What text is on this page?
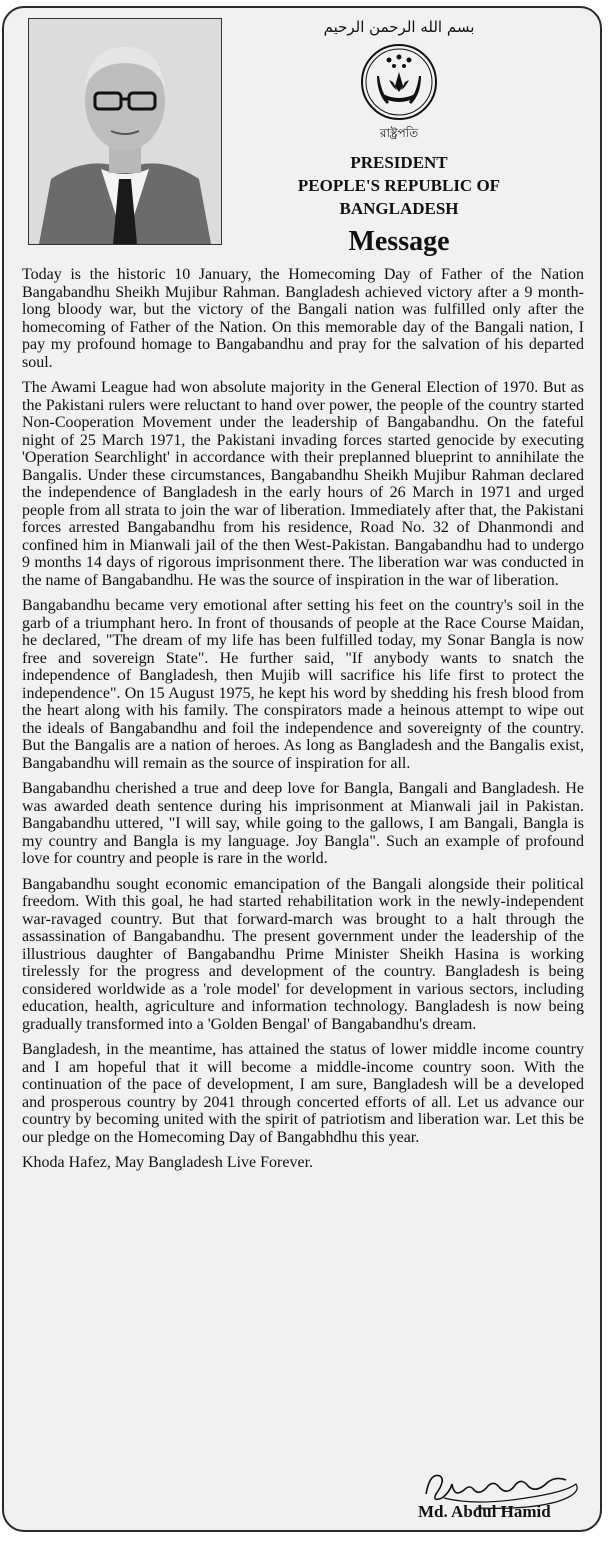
بسم الله الرحمن الرحيم
রাষ্ট্রপতি
PRESIDENT
PEOPLE'S REPUBLIC OF
BANGLADESH
Message

Today is the historic 10 January, the Homecoming Day of Father of the Nation Bangabandhu Sheikh Mujibur Rahman. Bangladesh achieved victory after a 9 month-long bloody war, but the victory of the Bangali nation was fulfilled only after the homecoming of Father of the Nation. On this memorable day of the Bangali nation, I pay my profound homage to Bangabandhu and pray for the salvation of his departed soul.

The Awami League had won absolute majority in the General Election of 1970. But as the Pakistani rulers were reluctant to hand over power, the people of the country started Non-Cooperation Movement under the leadership of Bangabandhu. On the fateful night of 25 March 1971, the Pakistani invading forces started genocide by executing 'Operation Searchlight' in accordance with their preplanned blueprint to annihilate the Bangalis. Under these circumstances, Bangabandhu Sheikh Mujibur Rahman declared the independence of Bangladesh in the early hours of 26 March in 1971 and urged people from all strata to join the war of liberation. Immediately after that, the Pakistani forces arrested Bangabandhu from his residence, Road No. 32 of Dhanmondi and confined him in Mianwali jail of the then West-Pakistan. Bangabandhu had to undergo 9 months 14 days of rigorous imprisonment there. The liberation war was conducted in the name of Bangabandhu. He was the source of inspiration in the war of liberation.

Bangabandhu became very emotional after setting his feet on the country's soil in the garb of a triumphant hero. In front of thousands of people at the Race Course Maidan, he declared, "The dream of my life has been fulfilled today, my Sonar Bangla is now free and sovereign State". He further said, "If anybody wants to snatch the independence of Bangladesh, then Mujib will sacrifice his life first to protect the independence". On 15 August 1975, he kept his word by shedding his fresh blood from the heart along with his family. The conspirators made a heinous attempt to wipe out the ideals of Bangabandhu and foil the independence and sovereignty of the country. But the Bangalis are a nation of heroes. As long as Bangladesh and the Bangalis exist, Bangabandhu will remain as the source of inspiration for all.

Bangabandhu cherished a true and deep love for Bangla, Bangali and Bangladesh. He was awarded death sentence during his imprisonment at Mianwali jail in Pakistan. Bangabandhu uttered, "I will say, while going to the gallows, I am Bangali, Bangla is my country and Bangla is my language. Joy Bangla". Such an example of profound love for country and people is rare in the world.

Bangabandhu sought economic emancipation of the Bangali alongside their political freedom. With this goal, he had started rehabilitation work in the newly-independent war-ravaged country. But that forward-march was brought to a halt through the assassination of Bangabandhu. The present government under the leadership of the illustrious daughter of Bangabandhu Prime Minister Sheikh Hasina is working tirelessly for the progress and development of the country. Bangladesh is being considered worldwide as a 'role model' for development in various sectors, including education, health, agriculture and information technology. Bangladesh is now being gradually transformed into a 'Golden Bengal' of Bangabandhu's dream.

Bangladesh, in the meantime, has attained the status of lower middle income country and I am hopeful that it will become a middle-income country soon. With the continuation of the pace of development, I am sure, Bangladesh will be a developed and prosperous country by 2041 through concerted efforts of all. Let us advance our country by becoming united with the spirit of patriotism and liberation war. Let this be our pledge on the Homecoming Day of Bangabhdhu this year.

Khoda Hafez, May Bangladesh Live Forever.

Md. Abdul Hamid
